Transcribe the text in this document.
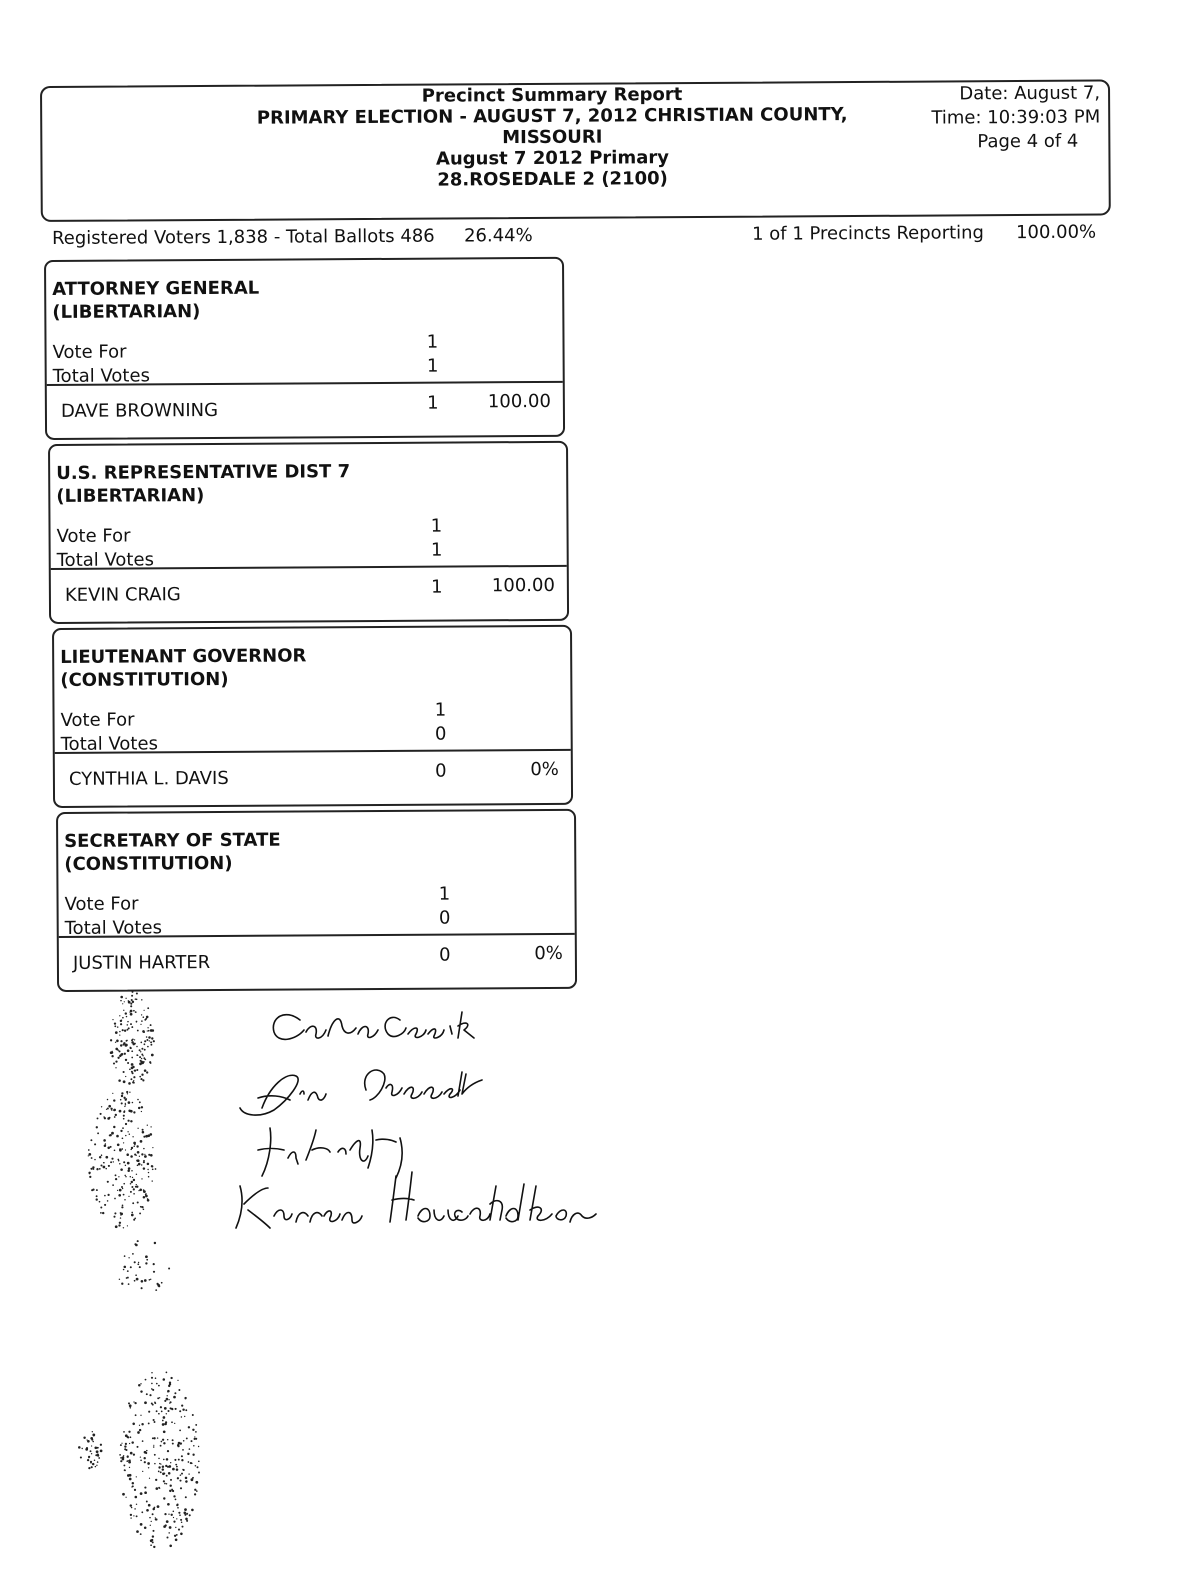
Precinct Summary Report
PRIMARY ELECTION - AUGUST 7, 2012 CHRISTIAN COUNTY,
MISSOURI
August 7 2012 Primary
28.ROSEDALE 2 (2100)
Date: August 7,
Time: 10:39:03 PM
Page 4 of 4
Registered Voters 1,838 - Total Ballots 486 26.44%	1 of 1 Precincts Reporting 100.00%
ATTORNEY GENERAL
(LIBERTARIAN)
Vote For	1
Total Votes	1
DAVE BROWNING	1	100.00
U.S. REPRESENTATIVE DIST 7
(LIBERTARIAN)
Vote For	1
Total Votes	1
KEVIN CRAIG	1	100.00
LIEUTENANT GOVERNOR
(CONSTITUTION)
Vote For	1
Total Votes	0
CYNTHIA L. DAVIS	0	0%
SECRETARY OF STATE
(CONSTITUTION)
Vote For	1
Total Votes	0
JUSTIN HARTER	0	0%
